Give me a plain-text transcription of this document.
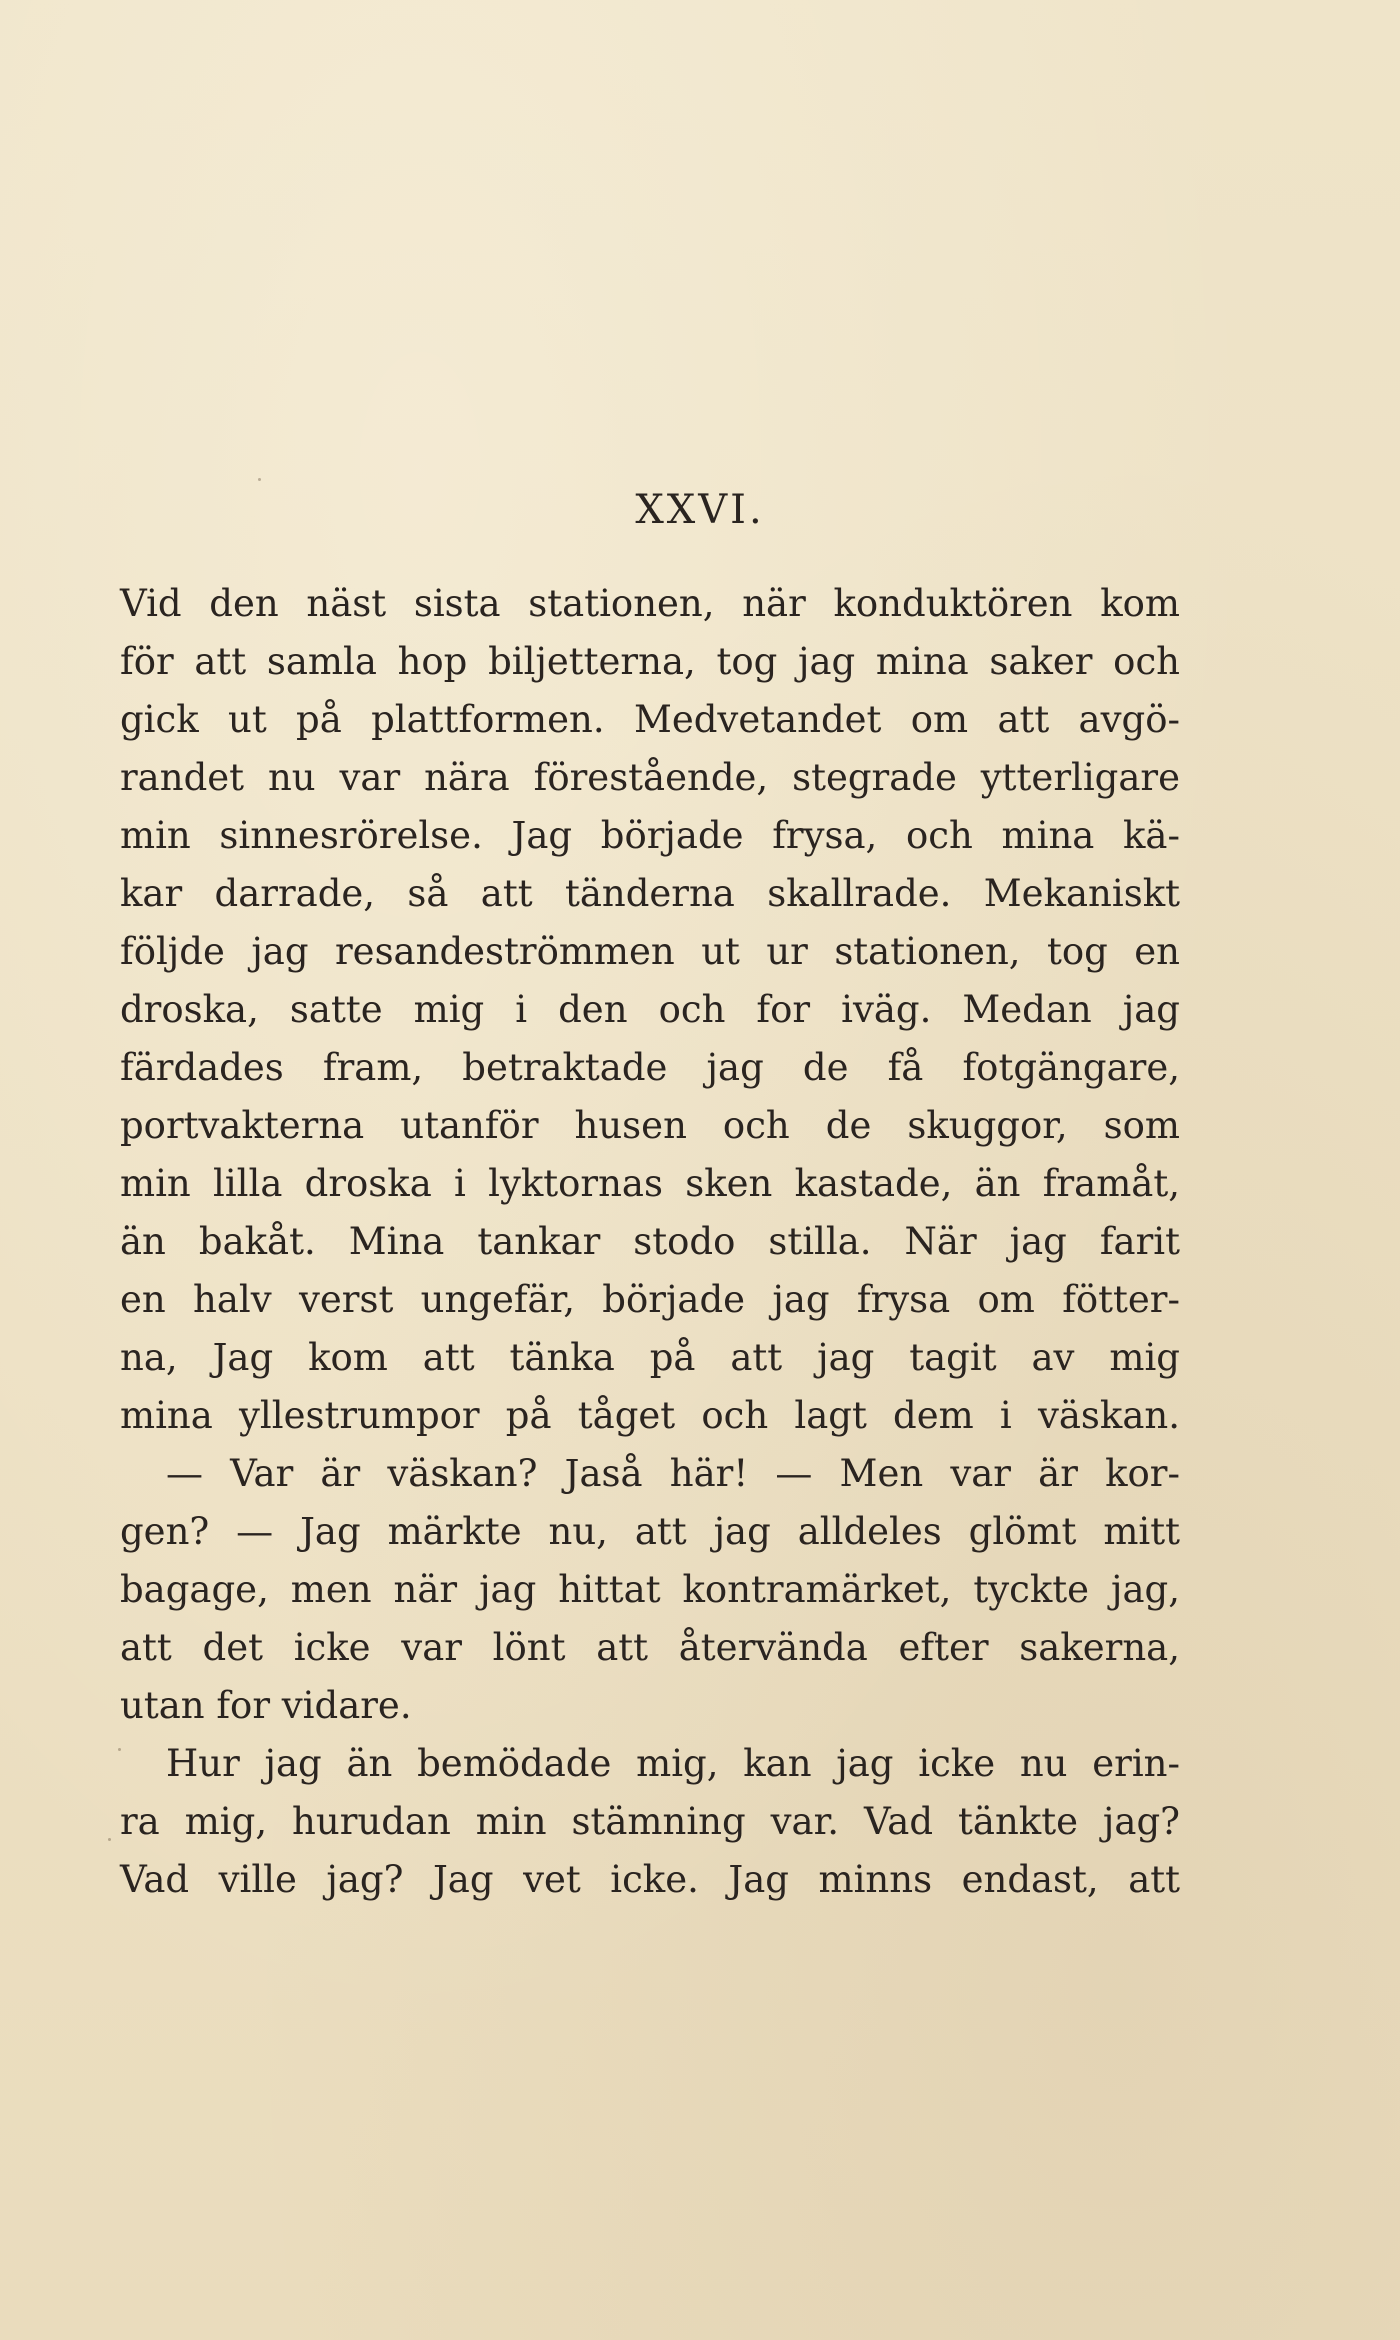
XXVI.
Vid den näst sista stationen, när konduktören kom
för att samla hop biljetterna, tog jag mina saker och
gick ut på plattformen. Medvetandet om att avgö-
randet nu var nära förestående, stegrade ytterligare
min sinnesrörelse. Jag började frysa, och mina kä-
kar darrade, så att tänderna skallrade. Mekaniskt
följde jag resandeströmmen ut ur stationen, tog en
droska, satte mig i den och for iväg. Medan jag
färdades fram, betraktade jag de få fotgängare,
portvakterna utanför husen och de skuggor, som
min lilla droska i lyktornas sken kastade, än framåt,
än bakåt. Mina tankar stodo stilla. När jag farit
en halv verst ungefär, började jag frysa om fötter-
na, Jag kom att tänka på att jag tagit av mig
mina yllestrumpor på tåget och lagt dem i väskan.
— Var är väskan? Jaså här! — Men var är kor-
gen? — Jag märkte nu, att jag alldeles glömt mitt
bagage, men när jag hittat kontramärket, tyckte jag,
att det icke var lönt att återvända efter sakerna,
utan for vidare.
Hur jag än bemödade mig, kan jag icke nu erin-
ra mig, hurudan min stämning var. Vad tänkte jag?
Vad ville jag? Jag vet icke. Jag minns endast, att
